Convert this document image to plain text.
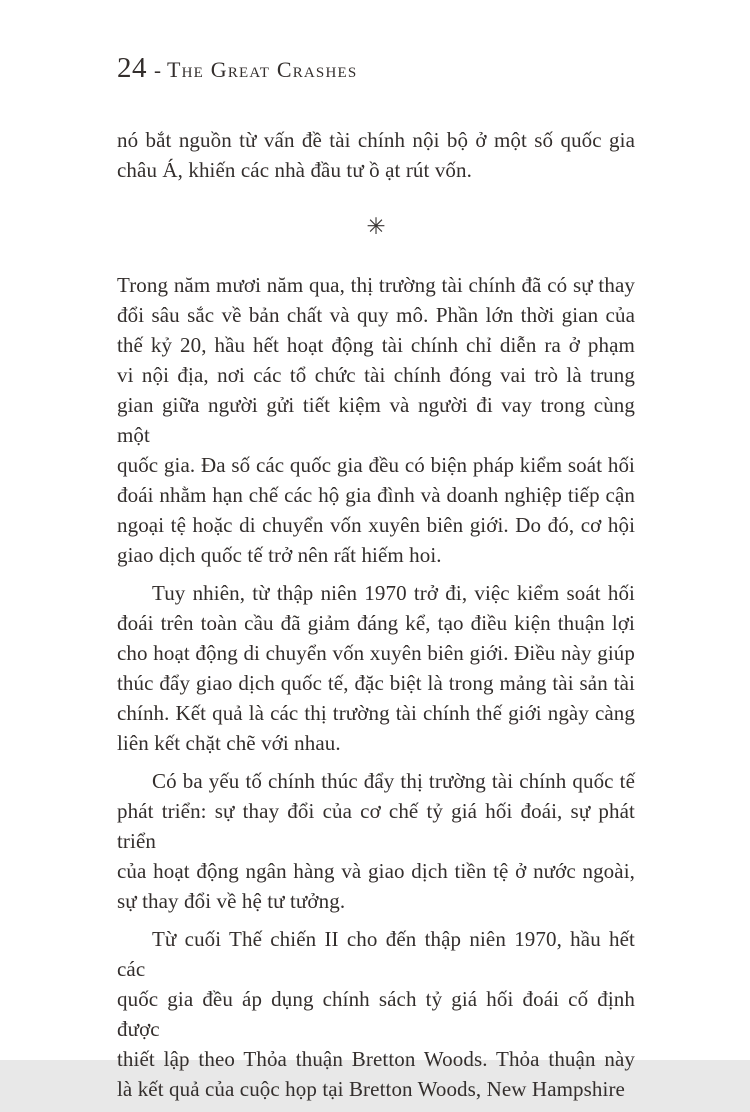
24 - The Great Crashes
nó bắt nguồn từ vấn đề tài chính nội bộ ở một số quốc gia
châu Á, khiến các nhà đầu tư ồ ạt rút vốn.
✳
Trong năm mươi năm qua, thị trường tài chính đã có sự thay
đổi sâu sắc về bản chất và quy mô. Phần lớn thời gian của
thế kỷ 20, hầu hết hoạt động tài chính chỉ diễn ra ở phạm
vi nội địa, nơi các tổ chức tài chính đóng vai trò là trung
gian giữa người gửi tiết kiệm và người đi vay trong cùng một
quốc gia. Đa số các quốc gia đều có biện pháp kiểm soát hối
đoái nhằm hạn chế các hộ gia đình và doanh nghiệp tiếp cận
ngoại tệ hoặc di chuyển vốn xuyên biên giới. Do đó, cơ hội
giao dịch quốc tế trở nên rất hiếm hoi.
Tuy nhiên, từ thập niên 1970 trở đi, việc kiểm soát hối
đoái trên toàn cầu đã giảm đáng kể, tạo điều kiện thuận lợi
cho hoạt động di chuyển vốn xuyên biên giới. Điều này giúp
thúc đẩy giao dịch quốc tế, đặc biệt là trong mảng tài sản tài
chính. Kết quả là các thị trường tài chính thế giới ngày càng
liên kết chặt chẽ với nhau.
Có ba yếu tố chính thúc đẩy thị trường tài chính quốc tế
phát triển: sự thay đổi của cơ chế tỷ giá hối đoái, sự phát triển
của hoạt động ngân hàng và giao dịch tiền tệ ở nước ngoài,
sự thay đổi về hệ tư tưởng.
Từ cuối Thế chiến II cho đến thập niên 1970, hầu hết các
quốc gia đều áp dụng chính sách tỷ giá hối đoái cố định được
thiết lập theo Thỏa thuận Bretton Woods. Thỏa thuận này
là kết quả của cuộc họp tại Bretton Woods, New Hampshire
